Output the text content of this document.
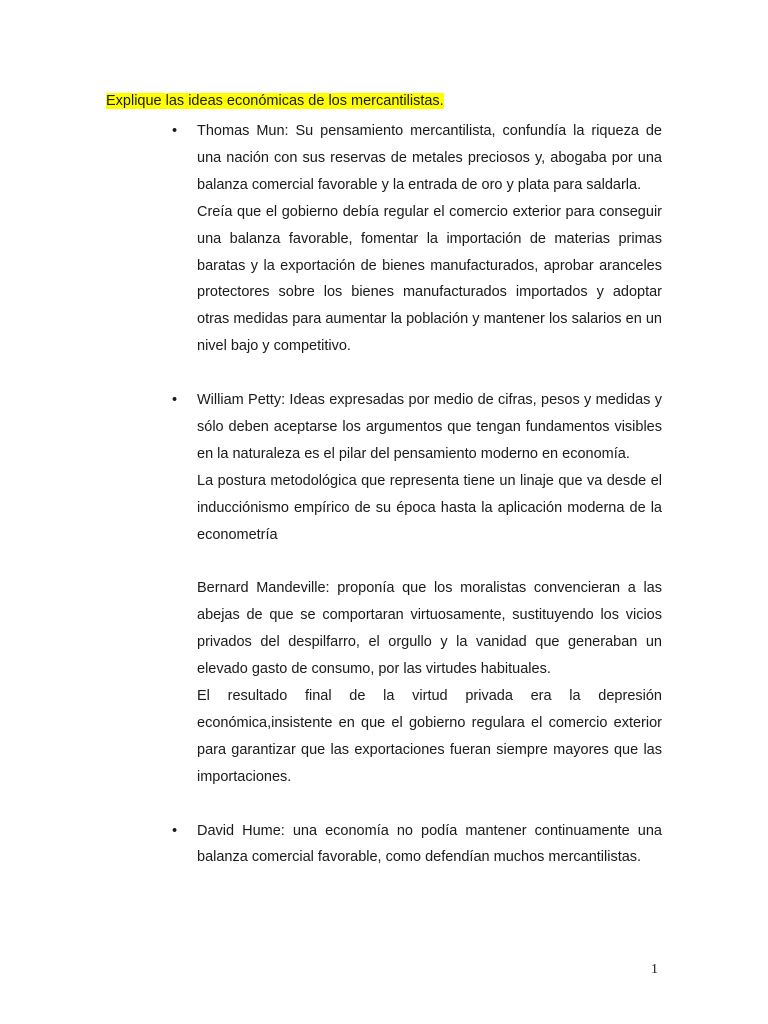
Explique las ideas económicas de los mercantilistas.

• Thomas Mun: Su pensamiento mercantilista, confundía la riqueza de una nación con sus reservas de metales preciosos y, abogaba por una balanza comercial favorable y la entrada de oro y plata para saldarla.

Creía que el gobierno debía regular el comercio exterior para conseguir una balanza favorable, fomentar la importación de materias primas baratas y la exportación de bienes manufacturados, aprobar aranceles protectores sobre los bienes manufacturados importados y adoptar otras medidas para aumentar la población y mantener los salarios en un nivel bajo y competitivo.

• William Petty: Ideas expresadas por medio de cifras, pesos y medidas y sólo deben aceptarse los argumentos que tengan fundamentos visibles en la naturaleza es el pilar del pensamiento moderno en economía.

La postura metodológica que representa tiene un linaje que va desde el inducciónismo empírico de su época hasta la aplicación moderna de la econometría

Bernard Mandeville: proponía que los moralistas convencieran a las abejas de que se comportaran virtuosamente, sustituyendo los vicios privados del despilfarro, el orgullo y la vanidad que generaban un elevado gasto de consumo, por las virtudes habituales.

El resultado final de la virtud privada era la depresión económica,insistente en que el gobierno regulara el comercio exterior para garantizar que las exportaciones fueran siempre mayores que las importaciones.

• David Hume: una economía no podía mantener continuamente una balanza comercial favorable, como defendían muchos mercantilistas.

1
